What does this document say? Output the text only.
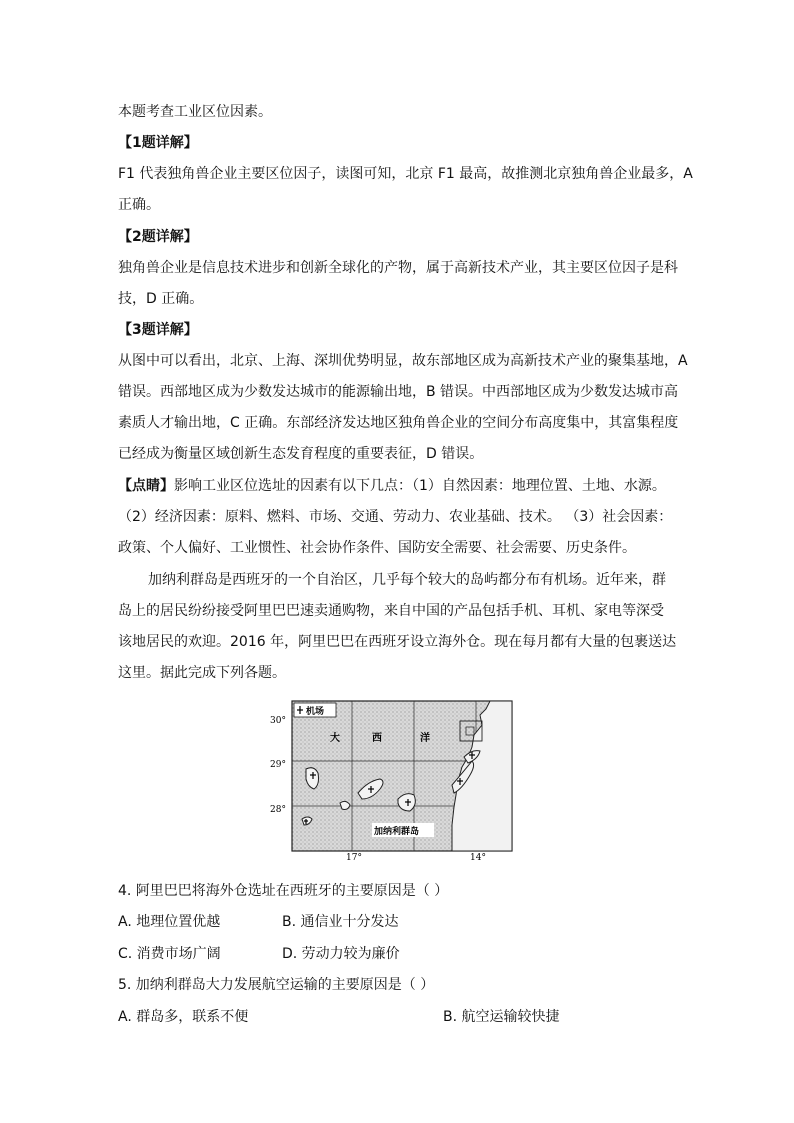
本题考查工业区位因素。
【1题详解】
F1 代表独角兽企业主要区位因子，读图可知，北京 F1 最高，故推测北京独角兽企业最多，A
正确。
【2题详解】
独角兽企业是信息技术进步和创新全球化的产物，属于高新技术产业，其主要区位因子是科
技，D 正确。
【3题详解】
从图中可以看出，北京、上海、深圳优势明显，故东部地区成为高新技术产业的聚集基地，A
错误。西部地区成为少数发达城市的能源输出地，B 错误。中西部地区成为少数发达城市高
素质人才输出地，C 正确。东部经济发达地区独角兽企业的空间分布高度集中，其富集程度
已经成为衡量区域创新生态发育程度的重要表征，D 错误。
【点睛】影响工业区位选址的因素有以下几点：（1）自然因素：地理位置、土地、水源。
（2）经济因素：原料、燃料、市场、交通、劳动力、农业基础、技术。 （3）社会因素：
政策、个人偏好、工业惯性、社会协作条件、国防安全需要、社会需要、历史条件。
加纳利群岛是西班牙的一个自治区，几乎每个较大的岛屿都分布有机场。近年来，群
岛上的居民纷纷接受阿里巴巴速卖通购物，来自中国的产品包括手机、耳机、家电等深受
该地居民的欢迎。2016 年，阿里巴巴在西班牙设立海外仓。现在每月都有大量的包裹送达
这里。据此完成下列各题。
机场
30°
29°
28°
17°	14°
大	西	洋
加纳利群岛
4. 阿里巴巴将海外仓选址在西班牙的主要原因是（ ）
A. 地理位置优越	B. 通信业十分发达
C. 消费市场广阔	D. 劳动力较为廉价
5. 加纳利群岛大力发展航空运输的主要原因是（ ）
A. 群岛多，联系不便	B. 航空运输较快捷
